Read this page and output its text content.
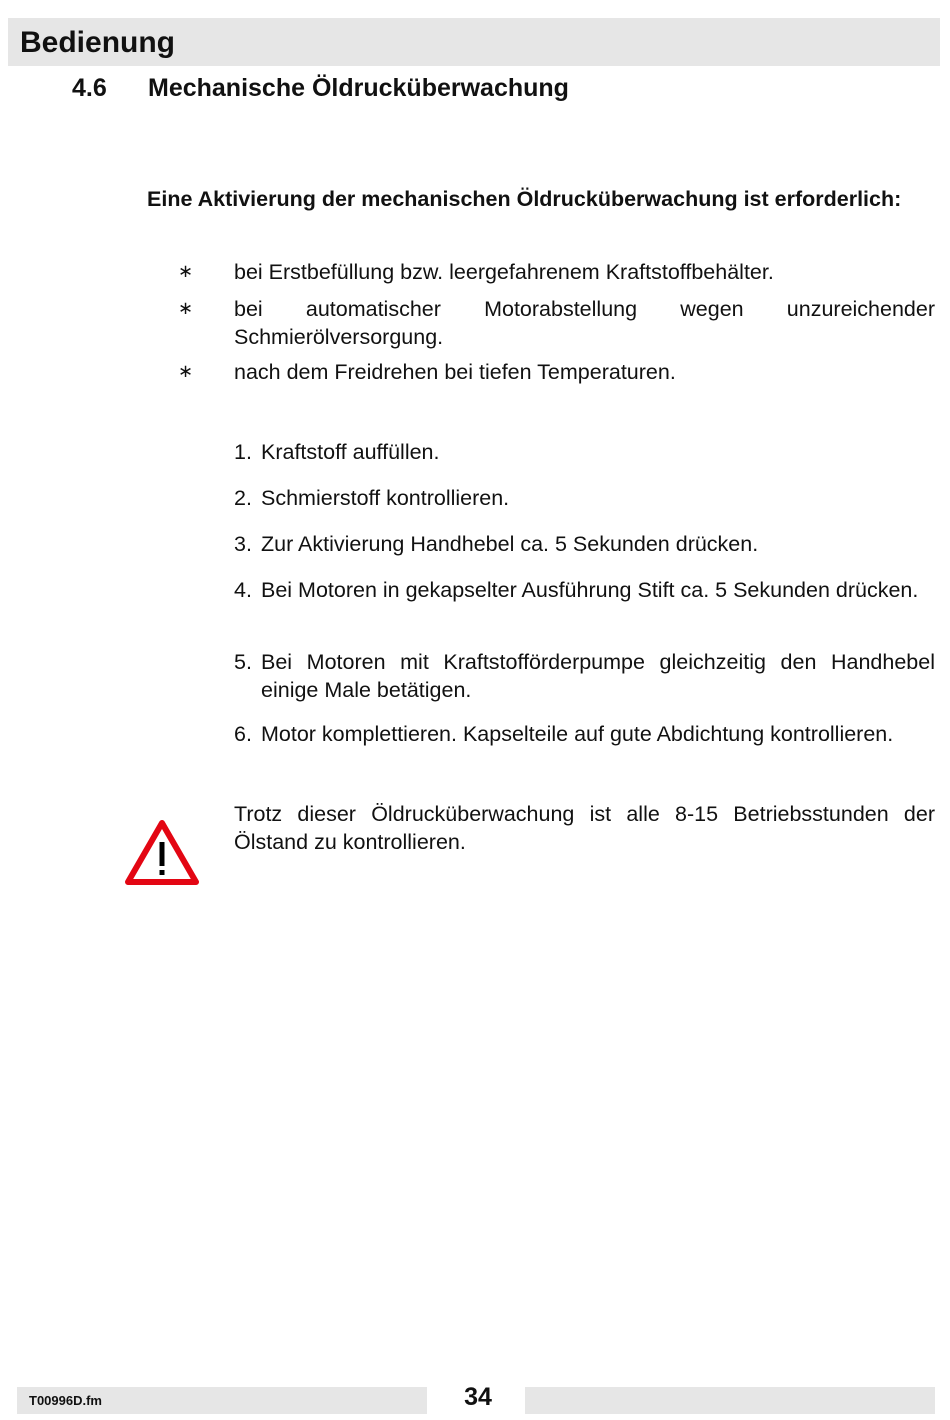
Bedienung
4.6 Mechanische Öldrucküberwachung
Eine Aktivierung der mechanischen Öldrucküberwachung ist erforderlich:
∗ bei Erstbefüllung bzw. leergefahrenem Kraftstoffbehälter.
∗ bei automatischer Motorabstellung wegen unzureichender Schmierölversorgung.
∗ nach dem Freidrehen bei tiefen Temperaturen.
1. Kraftstoff auffüllen.
2. Schmierstoff kontrollieren.
3. Zur Aktivierung Handhebel ca. 5 Sekunden drücken.
4. Bei Motoren in gekapselter Ausführung Stift ca. 5 Sekunden drücken.
5. Bei Motoren mit Kraftstofförderpumpe gleichzeitig den Handhebel einige Male betätigen.
6. Motor komplettieren. Kapselteile auf gute Abdichtung kontrollieren.
Trotz dieser Öldrucküberwachung ist alle 8-15 Betriebsstunden der Ölstand zu kontrollieren.
T00996D.fm	34
